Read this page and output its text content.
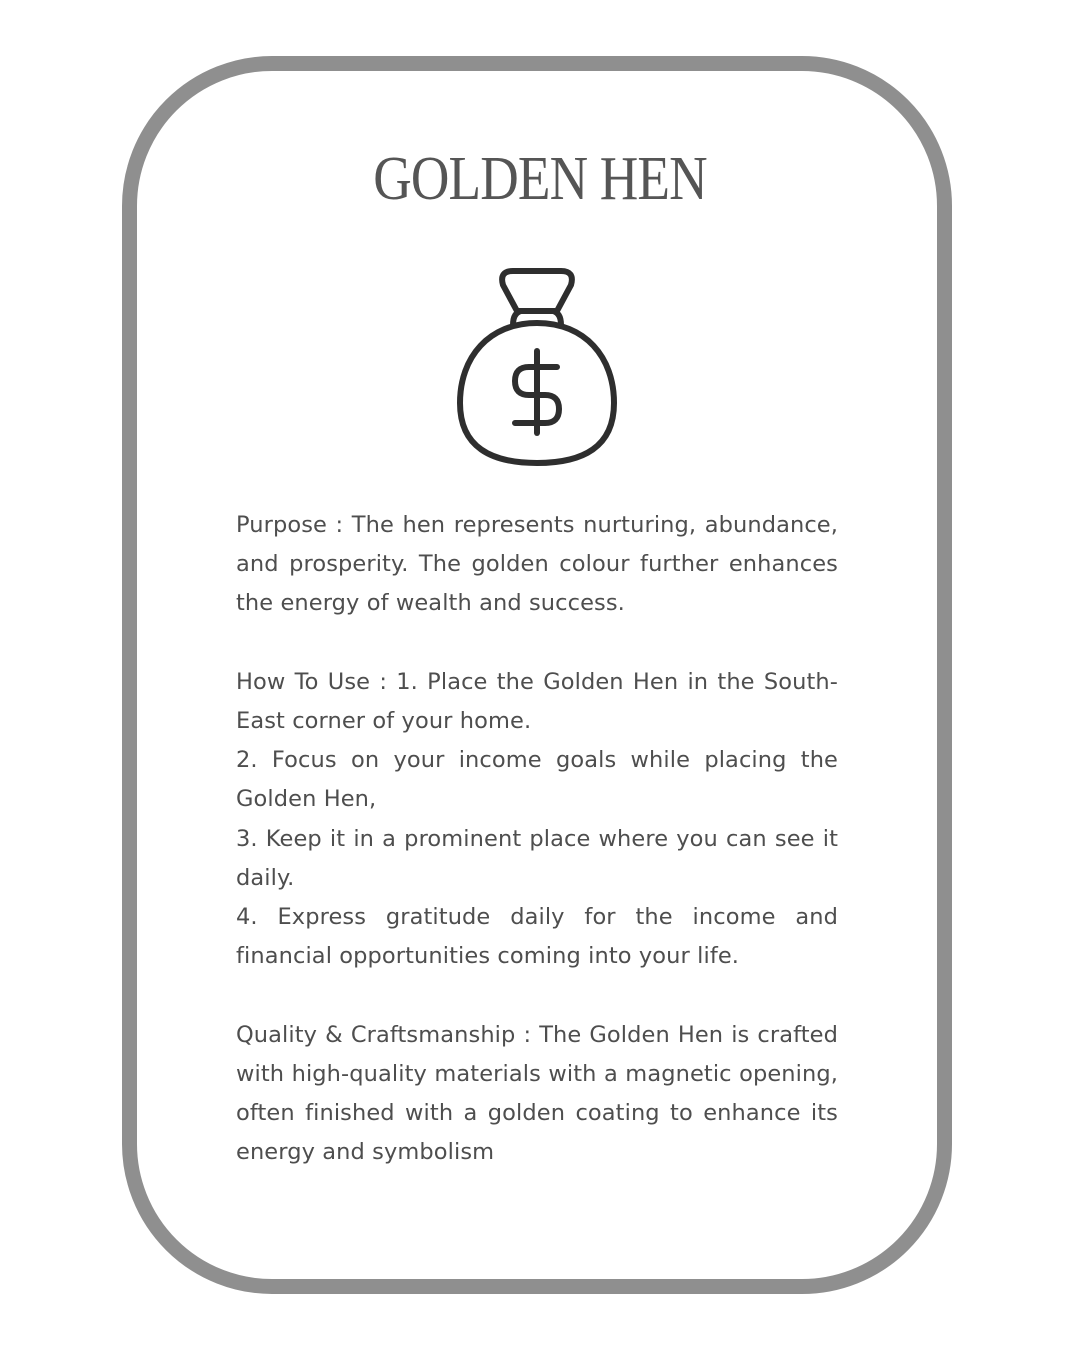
GOLDEN HEN

Purpose : The hen represents nurturing, abundance, and prosperity. The golden colour further enhances the energy of wealth and success.

How To Use : 1. Place the Golden Hen in the South-East corner of your home.

2. Focus on your income goals while placing the Golden Hen,

3. Keep it in a prominent place where you can see it daily.

4. Express gratitude daily for the income and financial opportunities coming into your life.

Quality & Craftsmanship : The Golden Hen is crafted with high-quality materials with a magnetic opening, often finished with a golden coating to enhance its energy and symbolism
